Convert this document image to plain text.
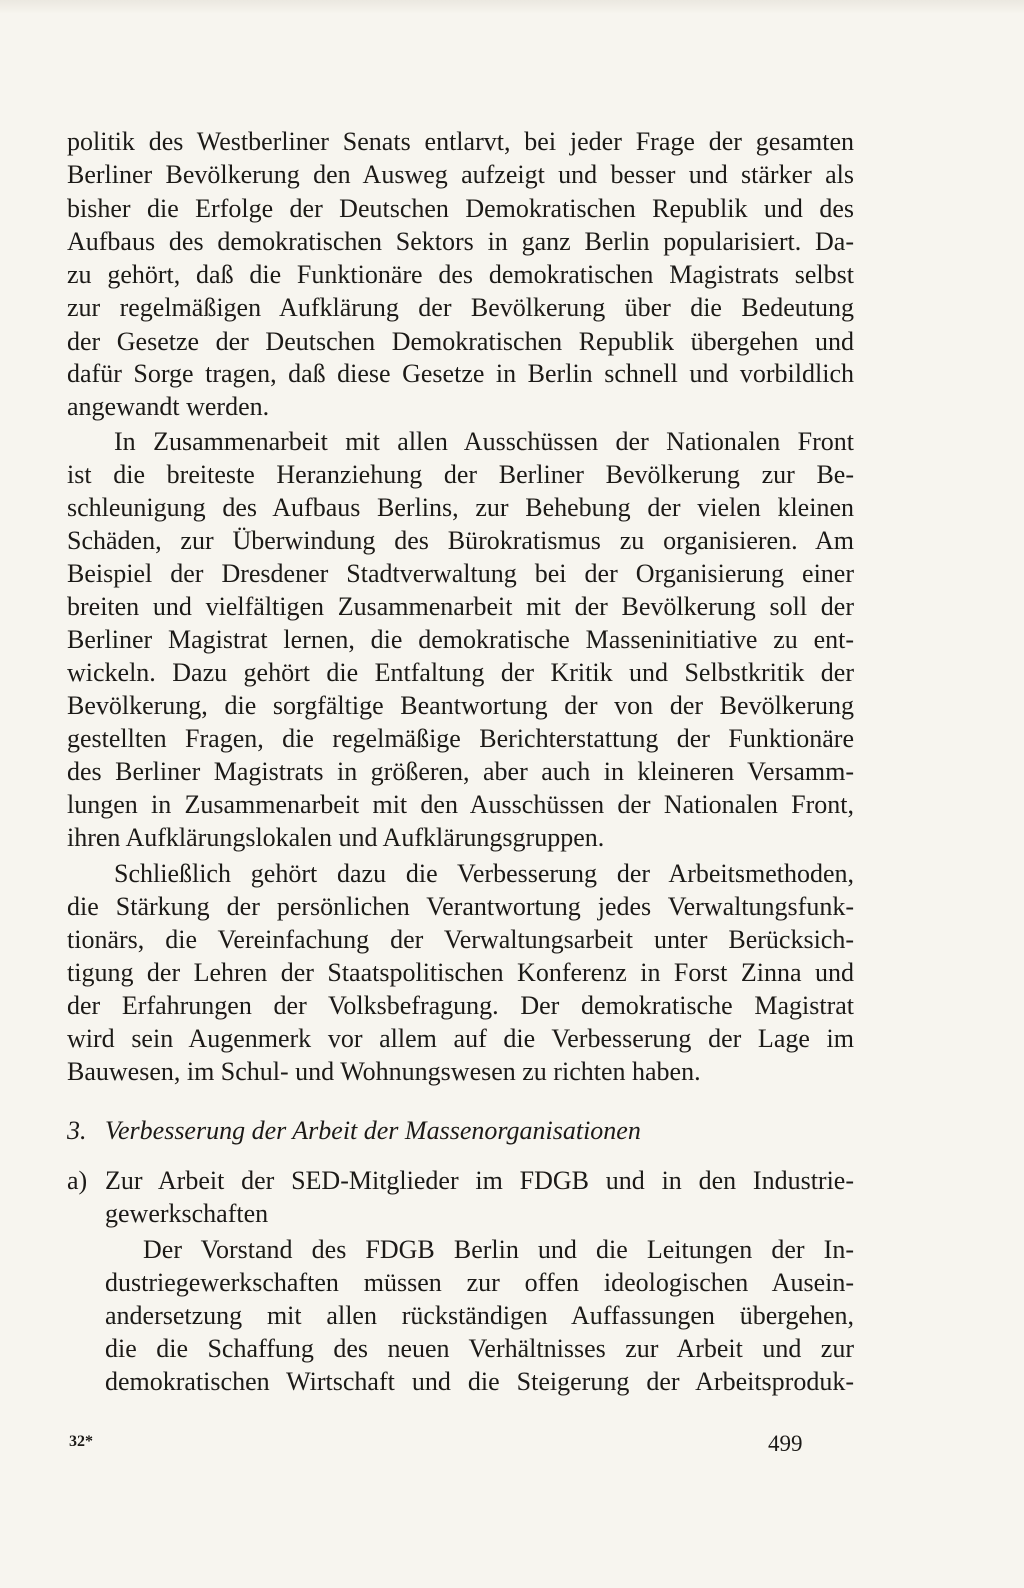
politik des Westberliner Senats entlarvt, bei jeder Frage der gesamten
Berliner Bevölkerung den Ausweg aufzeigt und besser und stärker als
bisher die Erfolge der Deutschen Demokratischen Republik und des
Aufbaus des demokratischen Sektors in ganz Berlin popularisiert. Da-
zu gehört, daß die Funktionäre des demokratischen Magistrats selbst
zur regelmäßigen Aufklärung der Bevölkerung über die Bedeutung
der Gesetze der Deutschen Demokratischen Republik übergehen und
dafür Sorge tragen, daß diese Gesetze in Berlin schnell und vorbildlich
angewandt werden.
In Zusammenarbeit mit allen Ausschüssen der Nationalen Front
ist die breiteste Heranziehung der Berliner Bevölkerung zur Be-
schleunigung des Aufbaus Berlins, zur Behebung der vielen kleinen
Schäden, zur Überwindung des Bürokratismus zu organisieren. Am
Beispiel der Dresdener Stadtverwaltung bei der Organisierung einer
breiten und vielfältigen Zusammenarbeit mit der Bevölkerung soll der
Berliner Magistrat lernen, die demokratische Masseninitiative zu ent-
wickeln. Dazu gehört die Entfaltung der Kritik und Selbstkritik der
Bevölkerung, die sorgfältige Beantwortung der von der Bevölkerung
gestellten Fragen, die regelmäßige Berichterstattung der Funktionäre
des Berliner Magistrats in größeren, aber auch in kleineren Versamm-
lungen in Zusammenarbeit mit den Ausschüssen der Nationalen Front,
ihren Aufklärungslokalen und Aufklärungsgruppen.
Schließlich gehört dazu die Verbesserung der Arbeitsmethoden,
die Stärkung der persönlichen Verantwortung jedes Verwaltungsfunk-
tionärs, die Vereinfachung der Verwaltungsarbeit unter Berücksich-
tigung der Lehren der Staatspolitischen Konferenz in Forst Zinna und
der Erfahrungen der Volksbefragung. Der demokratische Magistrat
wird sein Augenmerk vor allem auf die Verbesserung der Lage im
Bauwesen, im Schul- und Wohnungswesen zu richten haben.
3. Verbesserung der Arbeit der Massenorganisationen
a) Zur Arbeit der SED-Mitglieder im FDGB und in den Industrie-
gewerkschaften
Der Vorstand des FDGB Berlin und die Leitungen der In-
dustriegewerkschaften müssen zur offen ideologischen Ausein-
andersetzung mit allen rückständigen Auffassungen übergehen,
die die Schaffung des neuen Verhältnisses zur Arbeit und zur
demokratischen Wirtschaft und die Steigerung der Arbeitsproduk-
32*	499
